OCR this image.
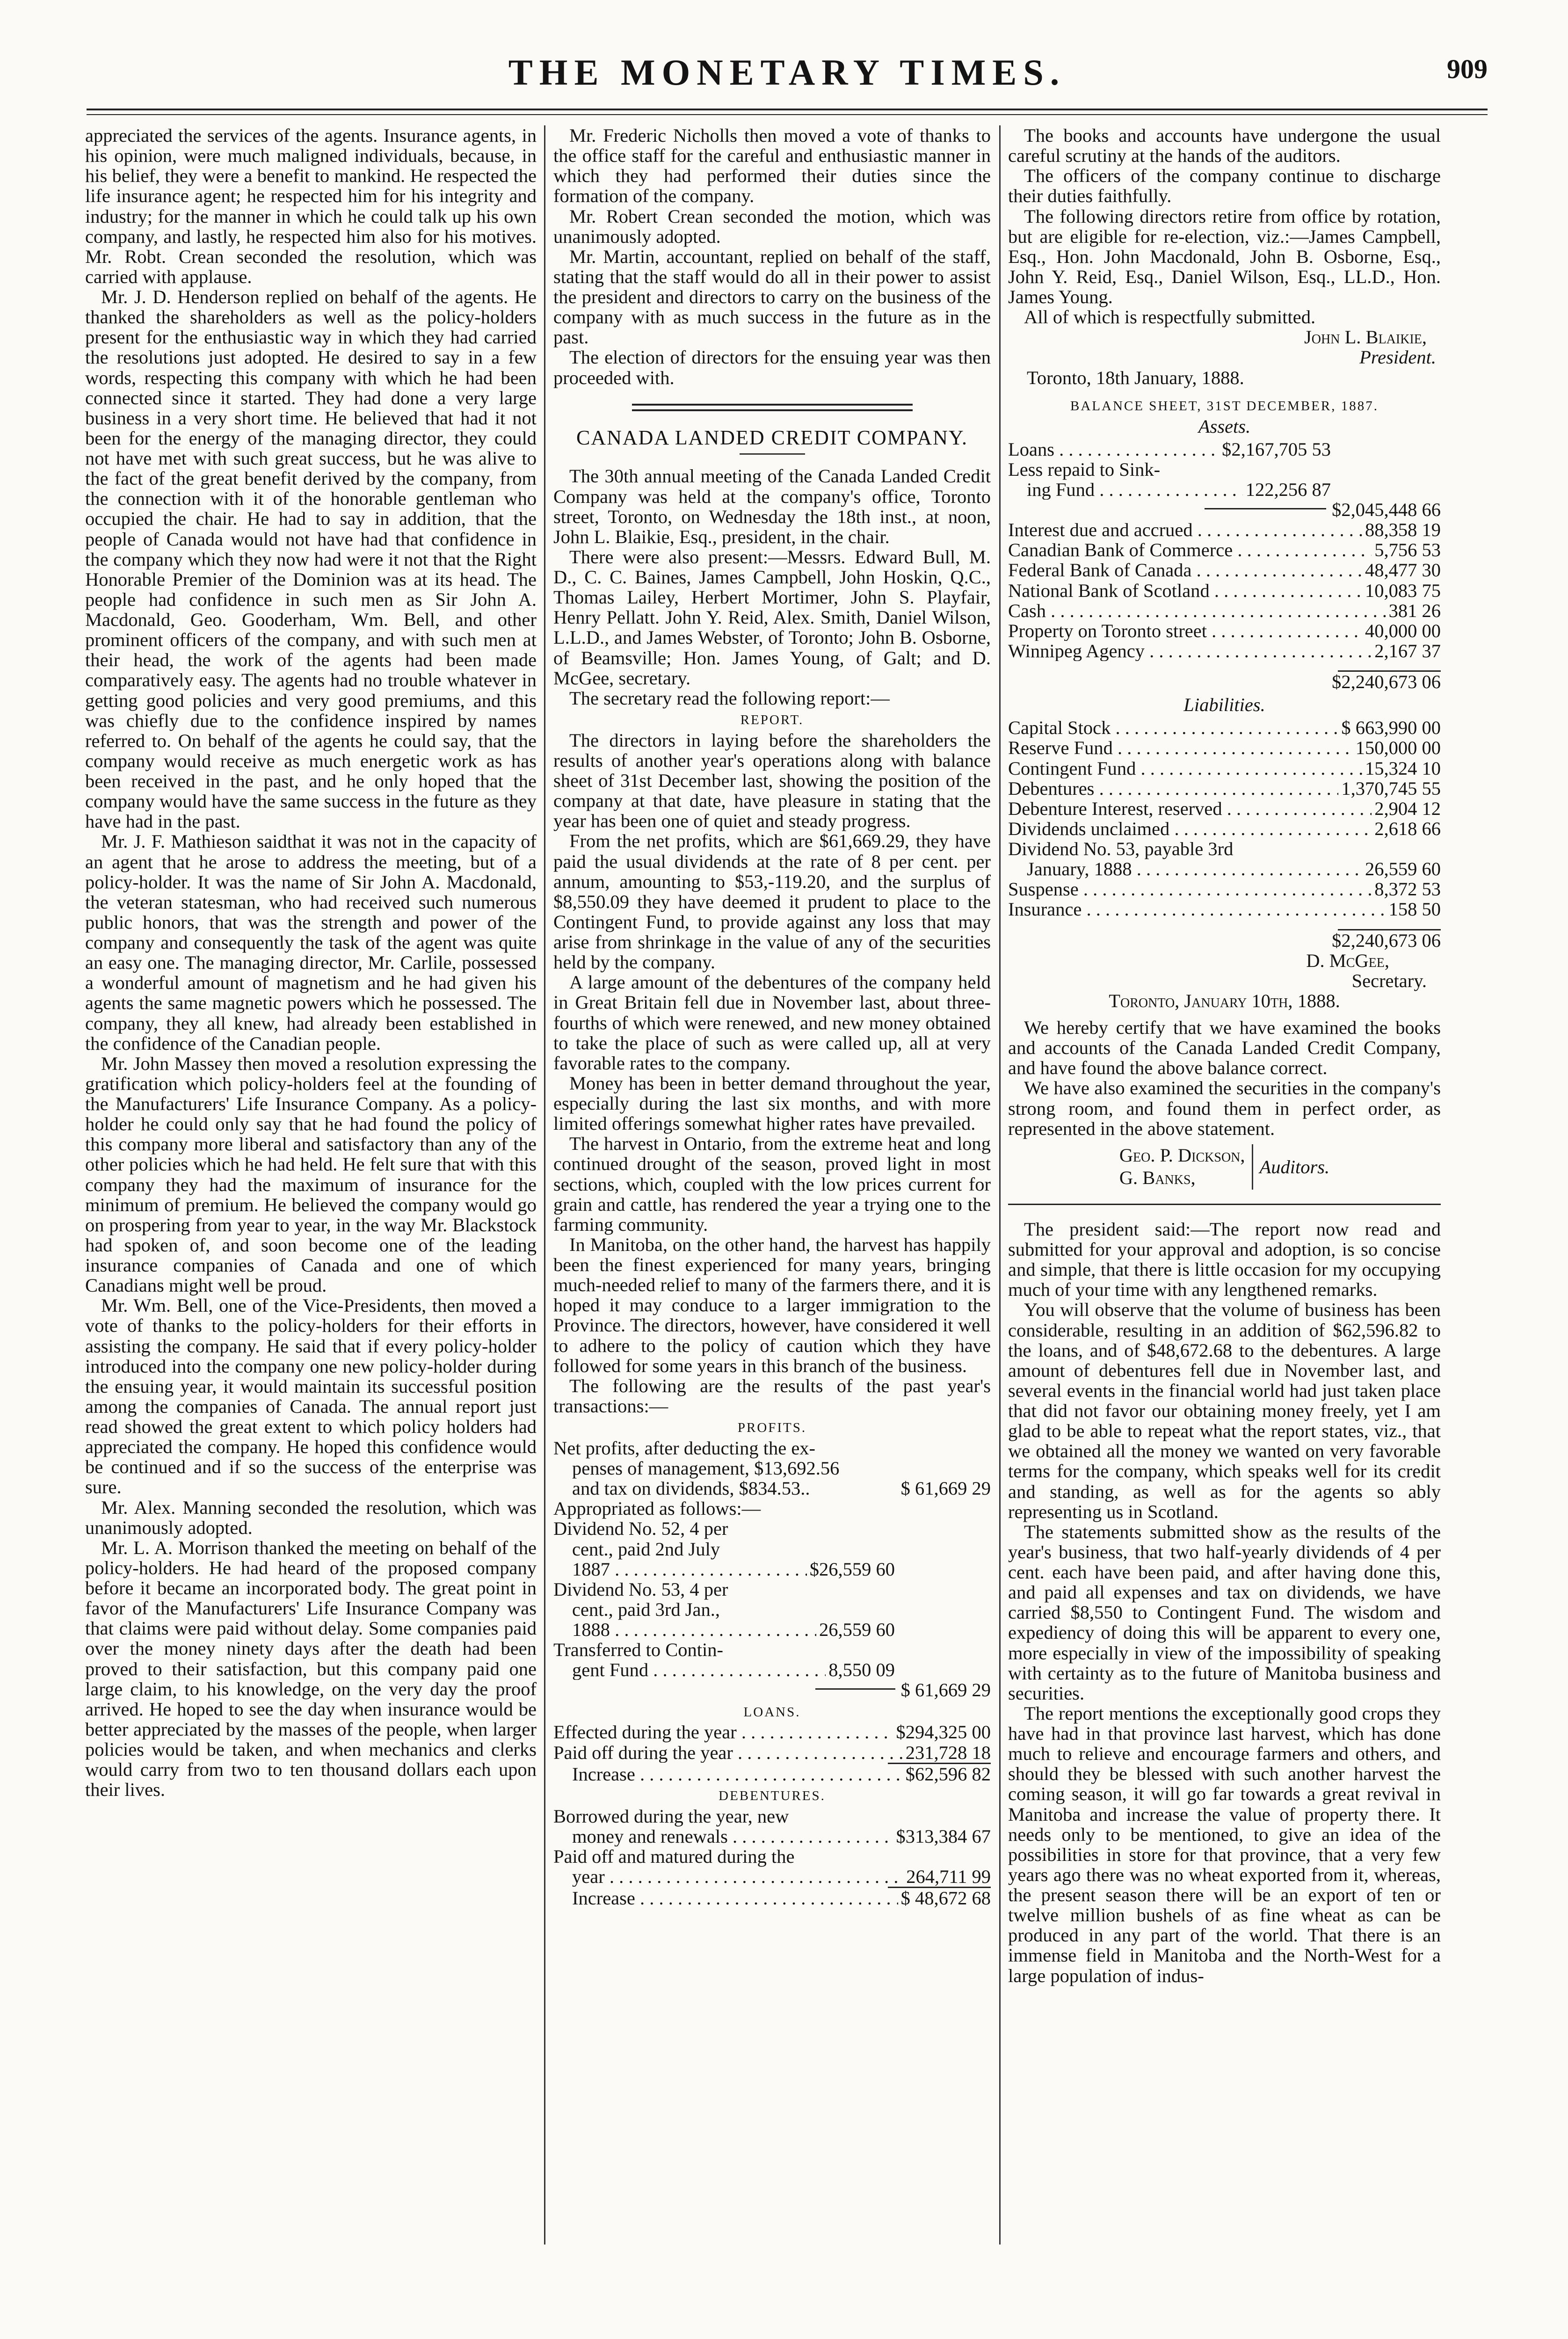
THE MONETARY TIMES.	909

appreciated the services of the agents. Insurance agents, in his opinion, were much maligned individuals, because, in his belief, they were a benefit to mankind. He respected the life insurance agent; he respected him for his integrity and industry; for the manner in which he could talk up his own company, and lastly, he respected him also for his motives. Mr. Robt. Crean seconded the resolution, which was carried with applause.

Mr. J. D. Henderson replied on behalf of the agents. He thanked the shareholders as well as the policy-holders present for the enthusiastic way in which they had carried the resolutions just adopted. He desired to say in a few words, respecting this company with which he had been connected since it started. They had done a very large business in a very short time. He believed that had it not been for the energy of the managing director, they could not have met with such great success, but he was alive to the fact of the great benefit derived by the company, from the connection with it of the honorable gentleman who occupied the chair. He had to say in addition, that the people of Canada would not have had that confidence in the company which they now had were it not that the Right Honorable Premier of the Dominion was at its head. The people had confidence in such men as Sir John A. Macdonald, Geo. Gooderham, Wm. Bell, and other prominent officers of the company, and with such men at their head, the work of the agents had been made comparatively easy. The agents had no trouble whatever in getting good policies and very good premiums, and this was chiefly due to the confidence inspired by names referred to. On behalf of the agents he could say, that the company would receive as much energetic work as has been received in the past, and he only hoped that the company would have the same success in the future as they have had in the past.

Mr. J. F. Mathieson saidthat it was not in the capacity of an agent that he arose to address the meeting, but of a policy-holder. It was the name of Sir John A. Macdonald, the veteran statesman, who had received such numerous public honors, that was the strength and power of the company and consequently the task of the agent was quite an easy one. The managing director, Mr. Carlile, possessed a wonderful amount of magnetism and he had given his agents the same magnetic powers which he possessed. The company, they all knew, had already been established in the confidence of the Canadian people.

Mr. John Massey then moved a resolution expressing the gratification which policy-holders feel at the founding of the Manufacturers' Life Insurance Company. As a policy-holder he could only say that he had found the policy of this company more liberal and satisfactory than any of the other policies which he had held. He felt sure that with this company they had the maximum of insurance for the minimum of premium. He believed the company would go on prospering from year to year, in the way Mr. Blackstock had spoken of, and soon become one of the leading insurance companies of Canada and one of which Canadians might well be proud.

Mr. Wm. Bell, one of the Vice-Presidents, then moved a vote of thanks to the policy-holders for their efforts in assisting the company. He said that if every policy-holder introduced into the company one new policy-holder during the ensuing year, it would maintain its successful position among the companies of Canada. The annual report just read showed the great extent to which policy holders had appreciated the company. He hoped this confidence would be continued and if so the success of the enterprise was sure.

Mr. Alex. Manning seconded the resolution, which was unanimously adopted.

Mr. L. A. Morrison thanked the meeting on behalf of the policy-holders. He had heard of the proposed company before it became an incorporated body. The great point in favor of the Manufacturers' Life Insurance Company was that claims were paid without delay. Some companies paid over the money ninety days after the death had been proved to their satisfaction, but this company paid one large claim, to his knowledge, on the very day the proof arrived. He hoped to see the day when insurance would be better appreciated by the masses of the people, when larger policies would be taken, and when mechanics and clerks would carry from two to ten thousand dollars each upon their lives.

Mr. Frederic Nicholls then moved a vote of thanks to the office staff for the careful and enthusiastic manner in which they had performed their duties since the formation of the company.

Mr. Robert Crean seconded the motion, which was unanimously adopted.

Mr. Martin, accountant, replied on behalf of the staff, stating that the staff would do all in their power to assist the president and directors to carry on the business of the company with as much success in the future as in the past.

The election of directors for the ensuing year was then proceeded with.

CANADA LANDED CREDIT COMPANY.

The 30th annual meeting of the Canada Landed Credit Company was held at the company's office, Toronto street, Toronto, on Wednesday the 18th inst., at noon, John L. Blaikie, Esq., president, in the chair.

There were also present:—Messrs. Edward Bull, M. D., C. C. Baines, James Campbell, John Hoskin, Q.C., Thomas Lailey, Herbert Mortimer, John S. Playfair, Henry Pellatt. John Y. Reid, Alex. Smith, Daniel Wilson, L.L.D., and James Webster, of Toronto; John B. Osborne, of Beamsville; Hon. James Young, of Galt; and D. McGee, secretary.

The secretary read the following report:—

REPORT.

The directors in laying before the shareholders the results of another year's operations along with balance sheet of 31st December last, showing the position of the company at that date, have pleasure in stating that the year has been one of quiet and steady progress.

From the net profits, which are $61,669.29, they have paid the usual dividends at the rate of 8 per cent. per annum, amounting to $53,-119.20, and the surplus of $8,550.09 they have deemed it prudent to place to the Contingent Fund, to provide against any loss that may arise from shrinkage in the value of any of the securities held by the company.

A large amount of the debentures of the company held in Great Britain fell due in November last, about three-fourths of which were renewed, and new money obtained to take the place of such as were called up, all at very favorable rates to the company.

Money has been in better demand throughout the year, especially during the last six months, and with more limited offerings somewhat higher rates have prevailed.

The harvest in Ontario, from the extreme heat and long continued drought of the season, proved light in most sections, which, coupled with the low prices current for grain and cattle, has rendered the year a trying one to the farming community.

In Manitoba, on the other hand, the harvest has happily been the finest experienced for many years, bringing much-needed relief to many of the farmers there, and it is hoped it may conduce to a larger immigration to the Province. The directors, however, have considered it well to adhere to the policy of caution which they have followed for some years in this branch of the business.

The following are the results of the past year's transactions:—

PROFITS.
Net profits, after deducting the ex-
penses of management, $13,692.56
and tax on dividends, $834.53..	$ 61,669 29
Appropriated as follows:—
Dividend No. 52, 4 per
cent., paid 2nd July
1887 . . .	$26,559 60
Dividend No. 53, 4 per
cent., paid 3rd Jan.,
1888 . . .	26,559 60
Transferred to Contin-
gent Fund . . .	8,550 09
$ 61,669 29
LOANS.
Effected during the year . . .	$294,325 00
Paid off during the year . . .	231,728 18
Increase . . .	$62,596 82
DEBENTURES.
Borrowed during the year, new
money and renewals . . .	$313,384 67
Paid off and matured during the
year . . .	264,711 99
Increase . . .	$ 48,672 68

The books and accounts have undergone the usual careful scrutiny at the hands of the auditors.

The officers of the company continue to discharge their duties faithfully.

The following directors retire from office by rotation, but are eligible for re-election, viz.:—James Campbell, Esq., Hon. John Macdonald, John B. Osborne, Esq., John Y. Reid, Esq., Daniel Wilson, Esq., LL.D., Hon. James Young.

All of which is respectfully submitted.

John L. Blaikie,
President.
Toronto, 18th January, 1888.
BALANCE SHEET, 31ST DECEMBER, 1887.
Assets.
Loans . . .	$2,167,705 53
Less repaid to Sink-
ing Fund . . .	122,256 87
$2,045,448 66
Interest due and accrued . . .	88,358 19
Canadian Bank of Commerce . . .	5,756 53
Federal Bank of Canada . . .	48,477 30
National Bank of Scotland . . .	10,083 75
Cash . . .	381 26
Property on Toronto street . . .	40,000 00
Winnipeg Agency . . .	2,167 37
$2,240,673 06
Liabilities.
Capital Stock . . .	$ 663,990 00
Reserve Fund . . .	150,000 00
Contingent Fund . . .	15,324 10
Debentures . . .	1,370,745 55
Debenture Interest, reserved . . .	2,904 12
Dividends unclaimed . . .	2,618 66
Dividend No. 53, payable 3rd
January, 1888 . . .	26,559 60
Suspense . . .	8,372 53
Insurance . . .	158 50
$2,240,673 06
D. McGee,
Secretary.
Toronto, January 10th, 1888.

We hereby certify that we have examined the books and accounts of the Canada Landed Credit Company, and have found the above balance correct.

We have also examined the securities in the company's strong room, and found them in perfect order, as represented in the above statement.

Geo. P. Dickson,
G. Banks,
Auditors.

The president said:—The report now read and submitted for your approval and adoption, is so concise and simple, that there is little occasion for my occupying much of your time with any lengthened remarks.

You will observe that the volume of business has been considerable, resulting in an addition of $62,596.82 to the loans, and of $48,672.68 to the debentures. A large amount of debentures fell due in November last, and several events in the financial world had just taken place that did not favor our obtaining money freely, yet I am glad to be able to repeat what the report states, viz., that we obtained all the money we wanted on very favorable terms for the company, which speaks well for its credit and standing, as well as for the agents so ably representing us in Scotland.

The statements submitted show as the results of the year's business, that two half-yearly dividends of 4 per cent. each have been paid, and after having done this, and paid all expenses and tax on dividends, we have carried $8,550 to Contingent Fund. The wisdom and expediency of doing this will be apparent to every one, more especially in view of the impossibility of speaking with certainty as to the future of Manitoba business and securities.

The report mentions the exceptionally good crops they have had in that province last harvest, which has done much to relieve and encourage farmers and others, and should they be blessed with such another harvest the coming season, it will go far towards a great revival in Manitoba and increase the value of property there. It needs only to be mentioned, to give an idea of the possibilities in store for that province, that a very few years ago there was no wheat exported from it, whereas, the present season there will be an export of ten or twelve million bushels of as fine wheat as can be produced in any part of the world. That there is an immense field in Manitoba and the North-West for a large population of indus-
